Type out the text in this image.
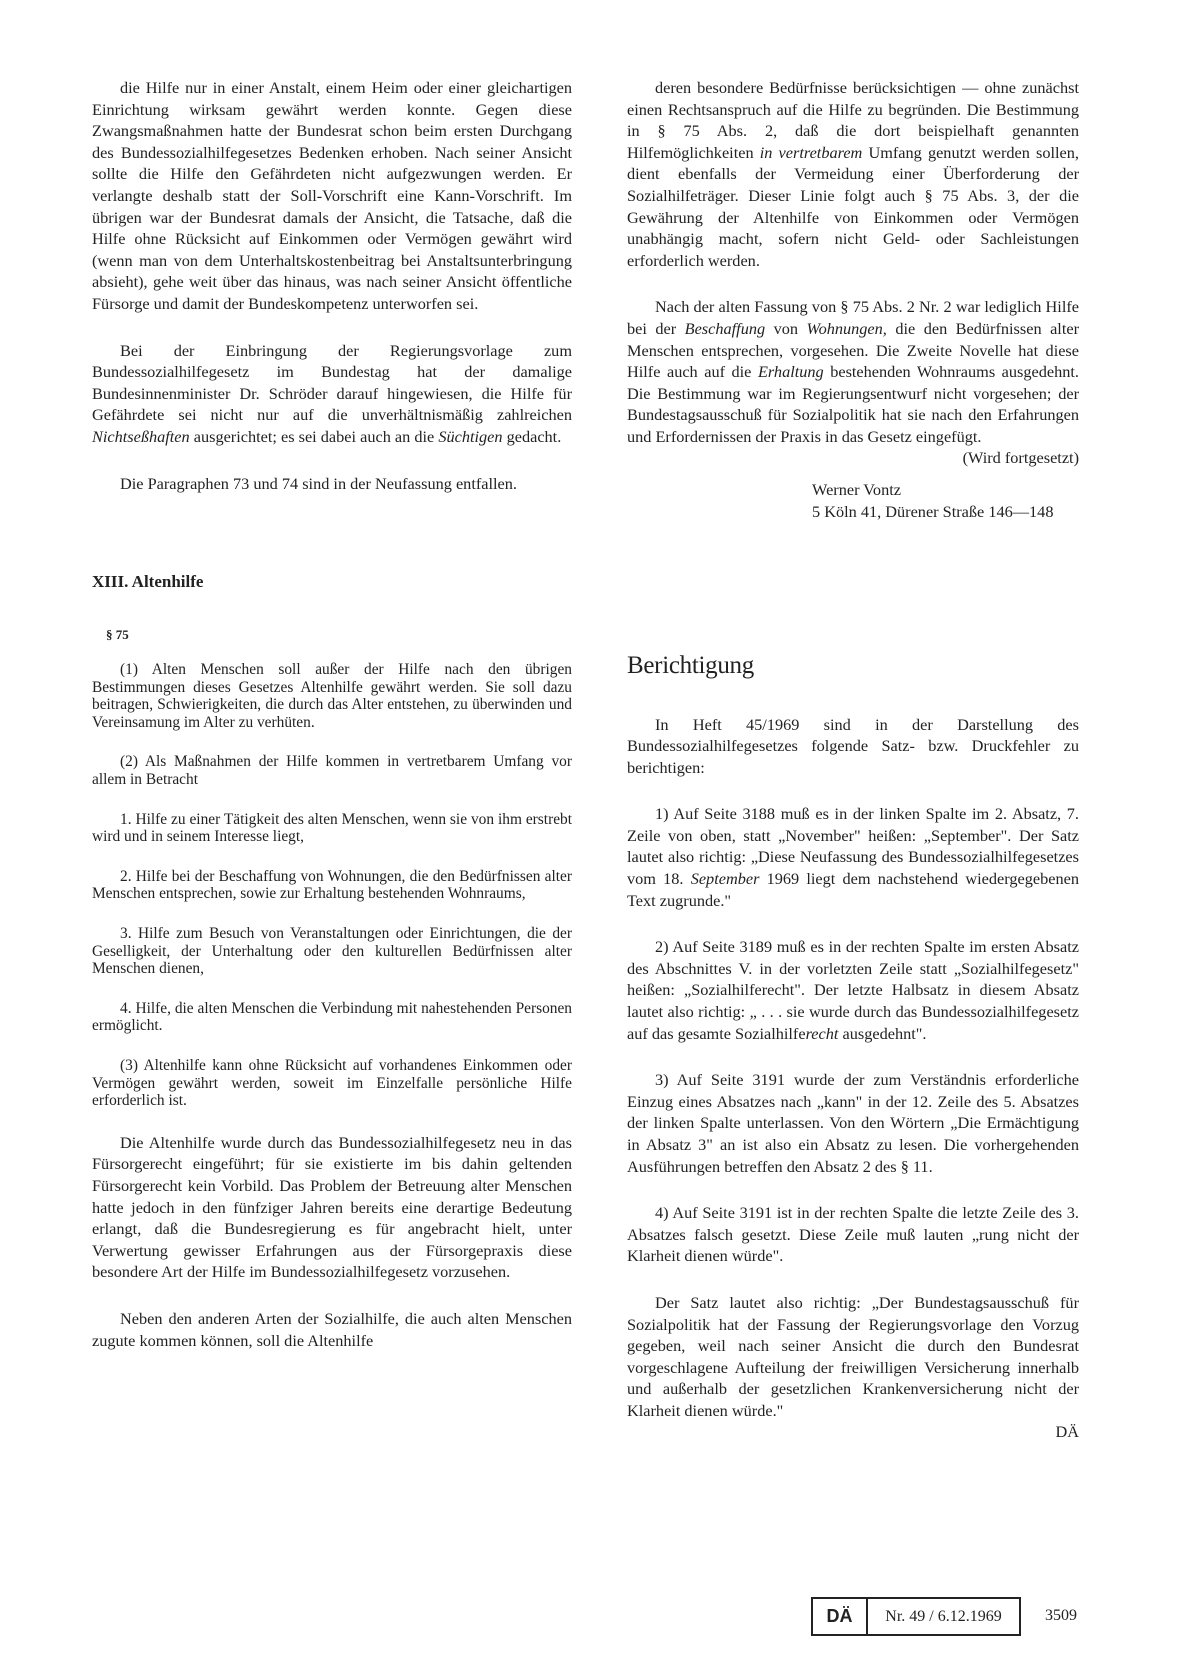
die Hilfe nur in einer Anstalt, einem Heim oder einer gleichartigen Einrichtung wirksam gewährt werden konnte. Gegen diese Zwangsmaßnahmen hatte der Bundesrat schon beim ersten Durchgang des Bundessozialhilfegesetzes Bedenken erhoben. Nach seiner Ansicht sollte die Hilfe den Gefährdeten nicht aufgezwungen werden. Er verlangte deshalb statt der Soll-Vorschrift eine Kann-Vorschrift. Im übrigen war der Bundesrat damals der Ansicht, die Tatsache, daß die Hilfe ohne Rücksicht auf Einkommen oder Vermögen gewährt wird (wenn man von dem Unterhaltskostenbeitrag bei Anstaltsunterbringung absieht), gehe weit über das hinaus, was nach seiner Ansicht öffentliche Fürsorge und damit der Bundeskompetenz unterworfen sei.

Bei der Einbringung der Regierungsvorlage zum Bundessozialhilfegesetz im Bundestag hat der damalige Bundesinnenminister Dr. Schröder darauf hingewiesen, die Hilfe für Gefährdete sei nicht nur auf die unverhältnismäßig zahlreichen Nichtseßhaften ausgerichtet; es sei dabei auch an die Süchtigen gedacht.

Die Paragraphen 73 und 74 sind in der Neufassung entfallen.

XIII. Altenhilfe
§ 75

(1) Alten Menschen soll außer der Hilfe nach den übrigen Bestimmungen dieses Gesetzes Altenhilfe gewährt werden. Sie soll dazu beitragen, Schwierigkeiten, die durch das Alter entstehen, zu überwinden und Vereinsamung im Alter zu verhüten.

(2) Als Maßnahmen der Hilfe kommen in vertretbarem Umfang vor allem in Betracht

1. Hilfe zu einer Tätigkeit des alten Menschen, wenn sie von ihm erstrebt wird und in seinem Interesse liegt,

2. Hilfe bei der Beschaffung von Wohnungen, die den Bedürfnissen alter Menschen entsprechen, sowie zur Erhaltung bestehenden Wohnraums,

3. Hilfe zum Besuch von Veranstaltungen oder Einrichtungen, die der Geselligkeit, der Unterhaltung oder den kulturellen Bedürfnissen alter Menschen dienen,

4. Hilfe, die alten Menschen die Verbindung mit nahestehenden Personen ermöglicht.

(3) Altenhilfe kann ohne Rücksicht auf vorhandenes Einkommen oder Vermögen gewährt werden, soweit im Einzelfalle persönliche Hilfe erforderlich ist.

Die Altenhilfe wurde durch das Bundessozialhilfegesetz neu in das Fürsorgerecht eingeführt; für sie existierte im bis dahin geltenden Fürsorgerecht kein Vorbild. Das Problem der Betreuung alter Menschen hatte jedoch in den fünfziger Jahren bereits eine derartige Bedeutung erlangt, daß die Bundesregierung es für angebracht hielt, unter Verwertung gewisser Erfahrungen aus der Fürsorgepraxis diese besondere Art der Hilfe im Bundessozialhilfegesetz vorzusehen.

Neben den anderen Arten der Sozialhilfe, die auch alten Menschen zugute kommen können, soll die Altenhilfe

deren besondere Bedürfnisse berücksichtigen — ohne zunächst einen Rechtsanspruch auf die Hilfe zu begründen. Die Bestimmung in § 75 Abs. 2, daß die dort beispielhaft genannten Hilfemöglichkeiten in vertretbarem Umfang genutzt werden sollen, dient ebenfalls der Vermeidung einer Überforderung der Sozialhilfeträger. Dieser Linie folgt auch § 75 Abs. 3, der die Gewährung der Altenhilfe von Einkommen oder Vermögen unabhängig macht, sofern nicht Geld- oder Sachleistungen erforderlich werden.

Nach der alten Fassung von § 75 Abs. 2 Nr. 2 war lediglich Hilfe bei der Beschaffung von Wohnungen, die den Bedürfnissen alter Menschen entsprechen, vorgesehen. Die Zweite Novelle hat diese Hilfe auch auf die Erhaltung bestehenden Wohnraums ausgedehnt. Die Bestimmung war im Regierungsentwurf nicht vorgesehen; der Bundestagsausschuß für Sozialpolitik hat sie nach den Erfahrungen und Erfordernissen der Praxis in das Gesetz eingefügt.

(Wird fortgesetzt)
Werner Vontz
5 Köln 41, Dürener Straße 146—148
Berichtigung

In Heft 45/1969 sind in der Darstellung des Bundessozialhilfegesetzes folgende Satz- bzw. Druckfehler zu berichtigen:

1) Auf Seite 3188 muß es in der linken Spalte im 2. Absatz, 7. Zeile von oben, statt „November" heißen: „September". Der Satz lautet also richtig: „Diese Neufassung des Bundessozialhilfegesetzes vom 18. September 1969 liegt dem nachstehend wiedergegebenen Text zugrunde."

2) Auf Seite 3189 muß es in der rechten Spalte im ersten Absatz des Abschnittes V. in der vorletzten Zeile statt „Sozialhilfegesetz" heißen: „Sozialhilferecht". Der letzte Halbsatz in diesem Absatz lautet also richtig: „ . . . sie wurde durch das Bundessozialhilfegesetz auf das gesamte Sozialhilferecht ausgedehnt".

3) Auf Seite 3191 wurde der zum Verständnis erforderliche Einzug eines Absatzes nach „kann" in der 12. Zeile des 5. Absatzes der linken Spalte unterlassen. Von den Wörtern „Die Ermächtigung in Absatz 3" an ist also ein Absatz zu lesen. Die vorhergehenden Ausführungen betreffen den Absatz 2 des § 11.

4) Auf Seite 3191 ist in der rechten Spalte die letzte Zeile des 3. Absatzes falsch gesetzt. Diese Zeile muß lauten „rung nicht der Klarheit dienen würde".

Der Satz lautet also richtig: „Der Bundestagsausschuß für Sozialpolitik hat der Fassung der Regierungsvorlage den Vorzug gegeben, weil nach seiner Ansicht die durch den Bundesrat vorgeschlagene Aufteilung der freiwilligen Versicherung innerhalb und außerhalb der gesetzlichen Krankenversicherung nicht der Klarheit dienen würde."

DÄ
DÄ	Nr. 49 / 6.12.1969	3509
